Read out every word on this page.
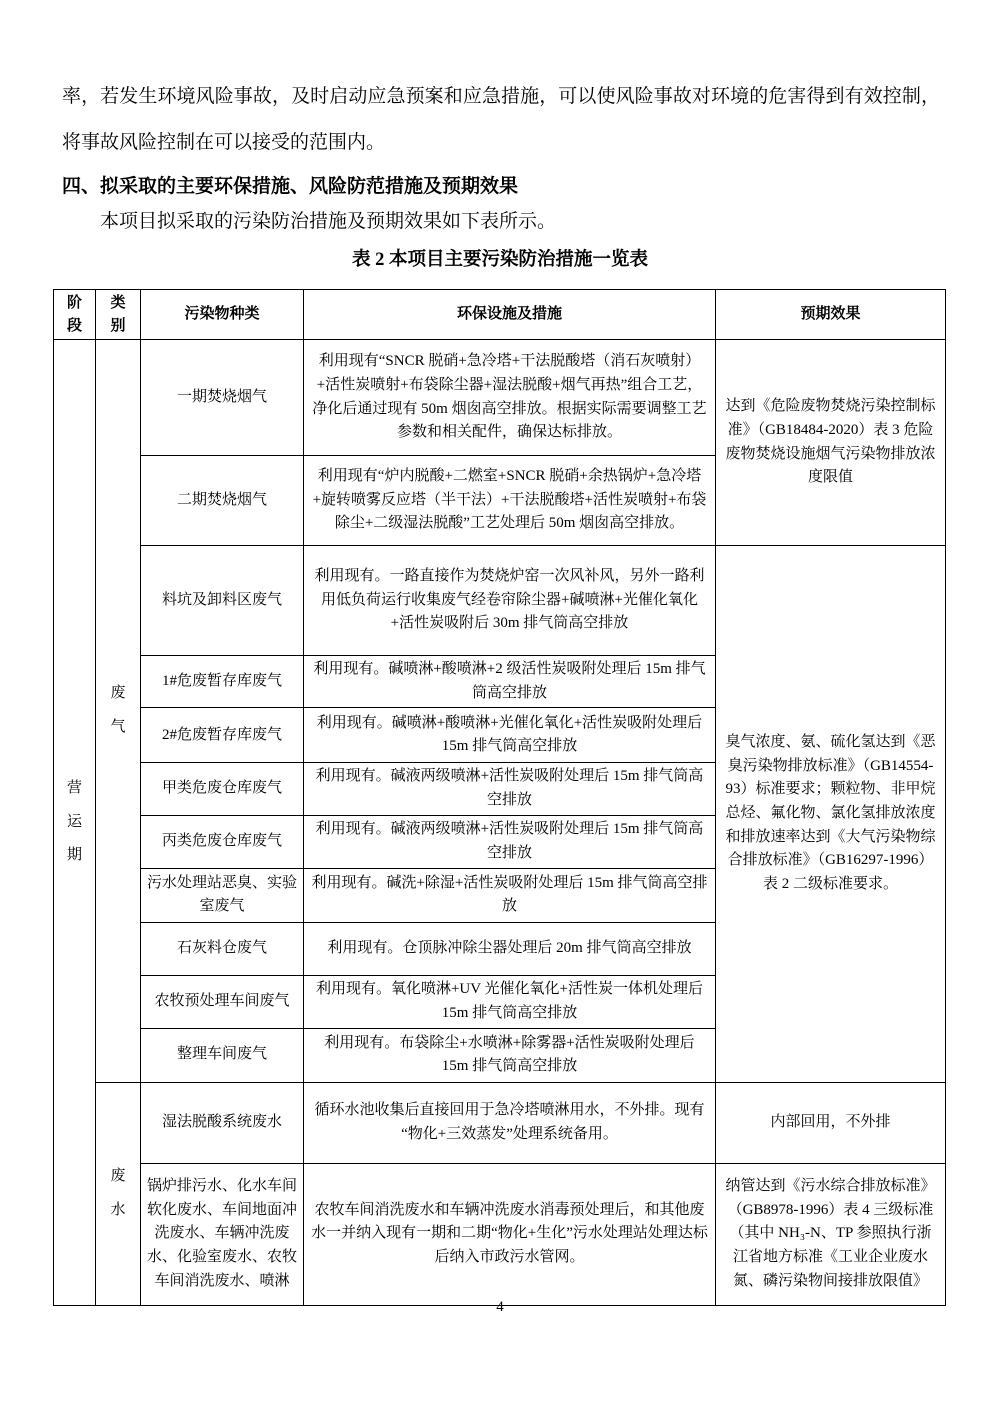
率，若发生环境风险事故，及时启动应急预案和应急措施，可以使风险事故对环境的危害得到有效控制，将事故风险控制在可以接受的范围内。
四、拟采取的主要环保措施、风险防范措施及预期效果
本项目拟采取的污染防治措施及预期效果如下表所示。
表 2 本项目主要污染防治措施一览表
阶段	类别	污染物种类	环保设施及措施	预期效果

营运期	废气	一期焚烧烟气	利用现有“SNCR 脱硝+急冷塔+干法脱酸塔（消石灰喷射）+活性炭喷射+布袋除尘器+湿法脱酸+烟气再热”组合工艺，净化后通过现有 50m 烟囱高空排放。根据实际需要调整工艺参数和相关配件，确保达标排放。	达到《危险废物焚烧污染控制标准》（GB18484-2020）表 3 危险废物焚烧设施烟气污染物排放浓度限值
		二期焚烧烟气	利用现有“炉内脱酸+二燃室+SNCR 脱硝+余热锅炉+急冷塔+旋转喷雾反应塔（半干法）+干法脱酸塔+活性炭喷射+布袋除尘+二级湿法脱酸”工艺处理后 50m 烟囱高空排放。	
		料坑及卸料区废气	利用现有。一路直接作为焚烧炉窑一次风补风，另外一路利用低负荷运行收集废气经卷帘除尘器+碱喷淋+光催化氧化+活性炭吸附后 30m 排气筒高空排放	臭气浓度、氨、硫化氢达到《恶臭污染物排放标准》（GB14554-93）标准要求；颗粒物、非甲烷总烃、氟化物、氯化氢排放浓度和排放速率达到《大气污染物综合排放标准》（GB16297-1996）表 2 二级标准要求。
		1#危废暂存库废气	利用现有。碱喷淋+酸喷淋+2 级活性炭吸附处理后 15m 排气筒高空排放	
		2#危废暂存库废气	利用现有。碱喷淋+酸喷淋+光催化氧化+活性炭吸附处理后 15m 排气筒高空排放	
		甲类危废仓库废气	利用现有。碱液两级喷淋+活性炭吸附处理后 15m 排气筒高空排放	
		丙类危废仓库废气	利用现有。碱液两级喷淋+活性炭吸附处理后 15m 排气筒高空排放	
		污水处理站恶臭、实验室废气	利用现有。碱洗+除湿+活性炭吸附处理后 15m 排气筒高空排放	
		石灰料仓废气	利用现有。仓顶脉冲除尘器处理后 20m 排气筒高空排放	
		农牧预处理车间废气	利用现有。氧化喷淋+UV 光催化氧化+活性炭一体机处理后 15m 排气筒高空排放	
		整理车间废气	利用现有。布袋除尘+水喷淋+除雾器+活性炭吸附处理后 15m 排气筒高空排放	

	废水	湿法脱酸系统废水	循环水池收集后直接回用于急冷塔喷淋用水，不外排。现有“物化+三效蒸发”处理系统备用。	内部回用，不外排
		锅炉排污水、化水车间软化废水、车间地面冲洗废水、车辆冲洗废水、化验室废水、农牧车间消洗废水、喷淋	农牧车间消洗废水和车辆冲洗废水消毒预处理后，和其他废水一并纳入现有一期和二期“物化+生化”污水处理站处理达标后纳入市政污水管网。	纳管达到《污水综合排放标准》（GB8978-1996）表 4 三级标准（其中 NH₃-N、TP 参照执行浙江省地方标准《工业企业废水氮、磷污染物间接排放限值》
4
